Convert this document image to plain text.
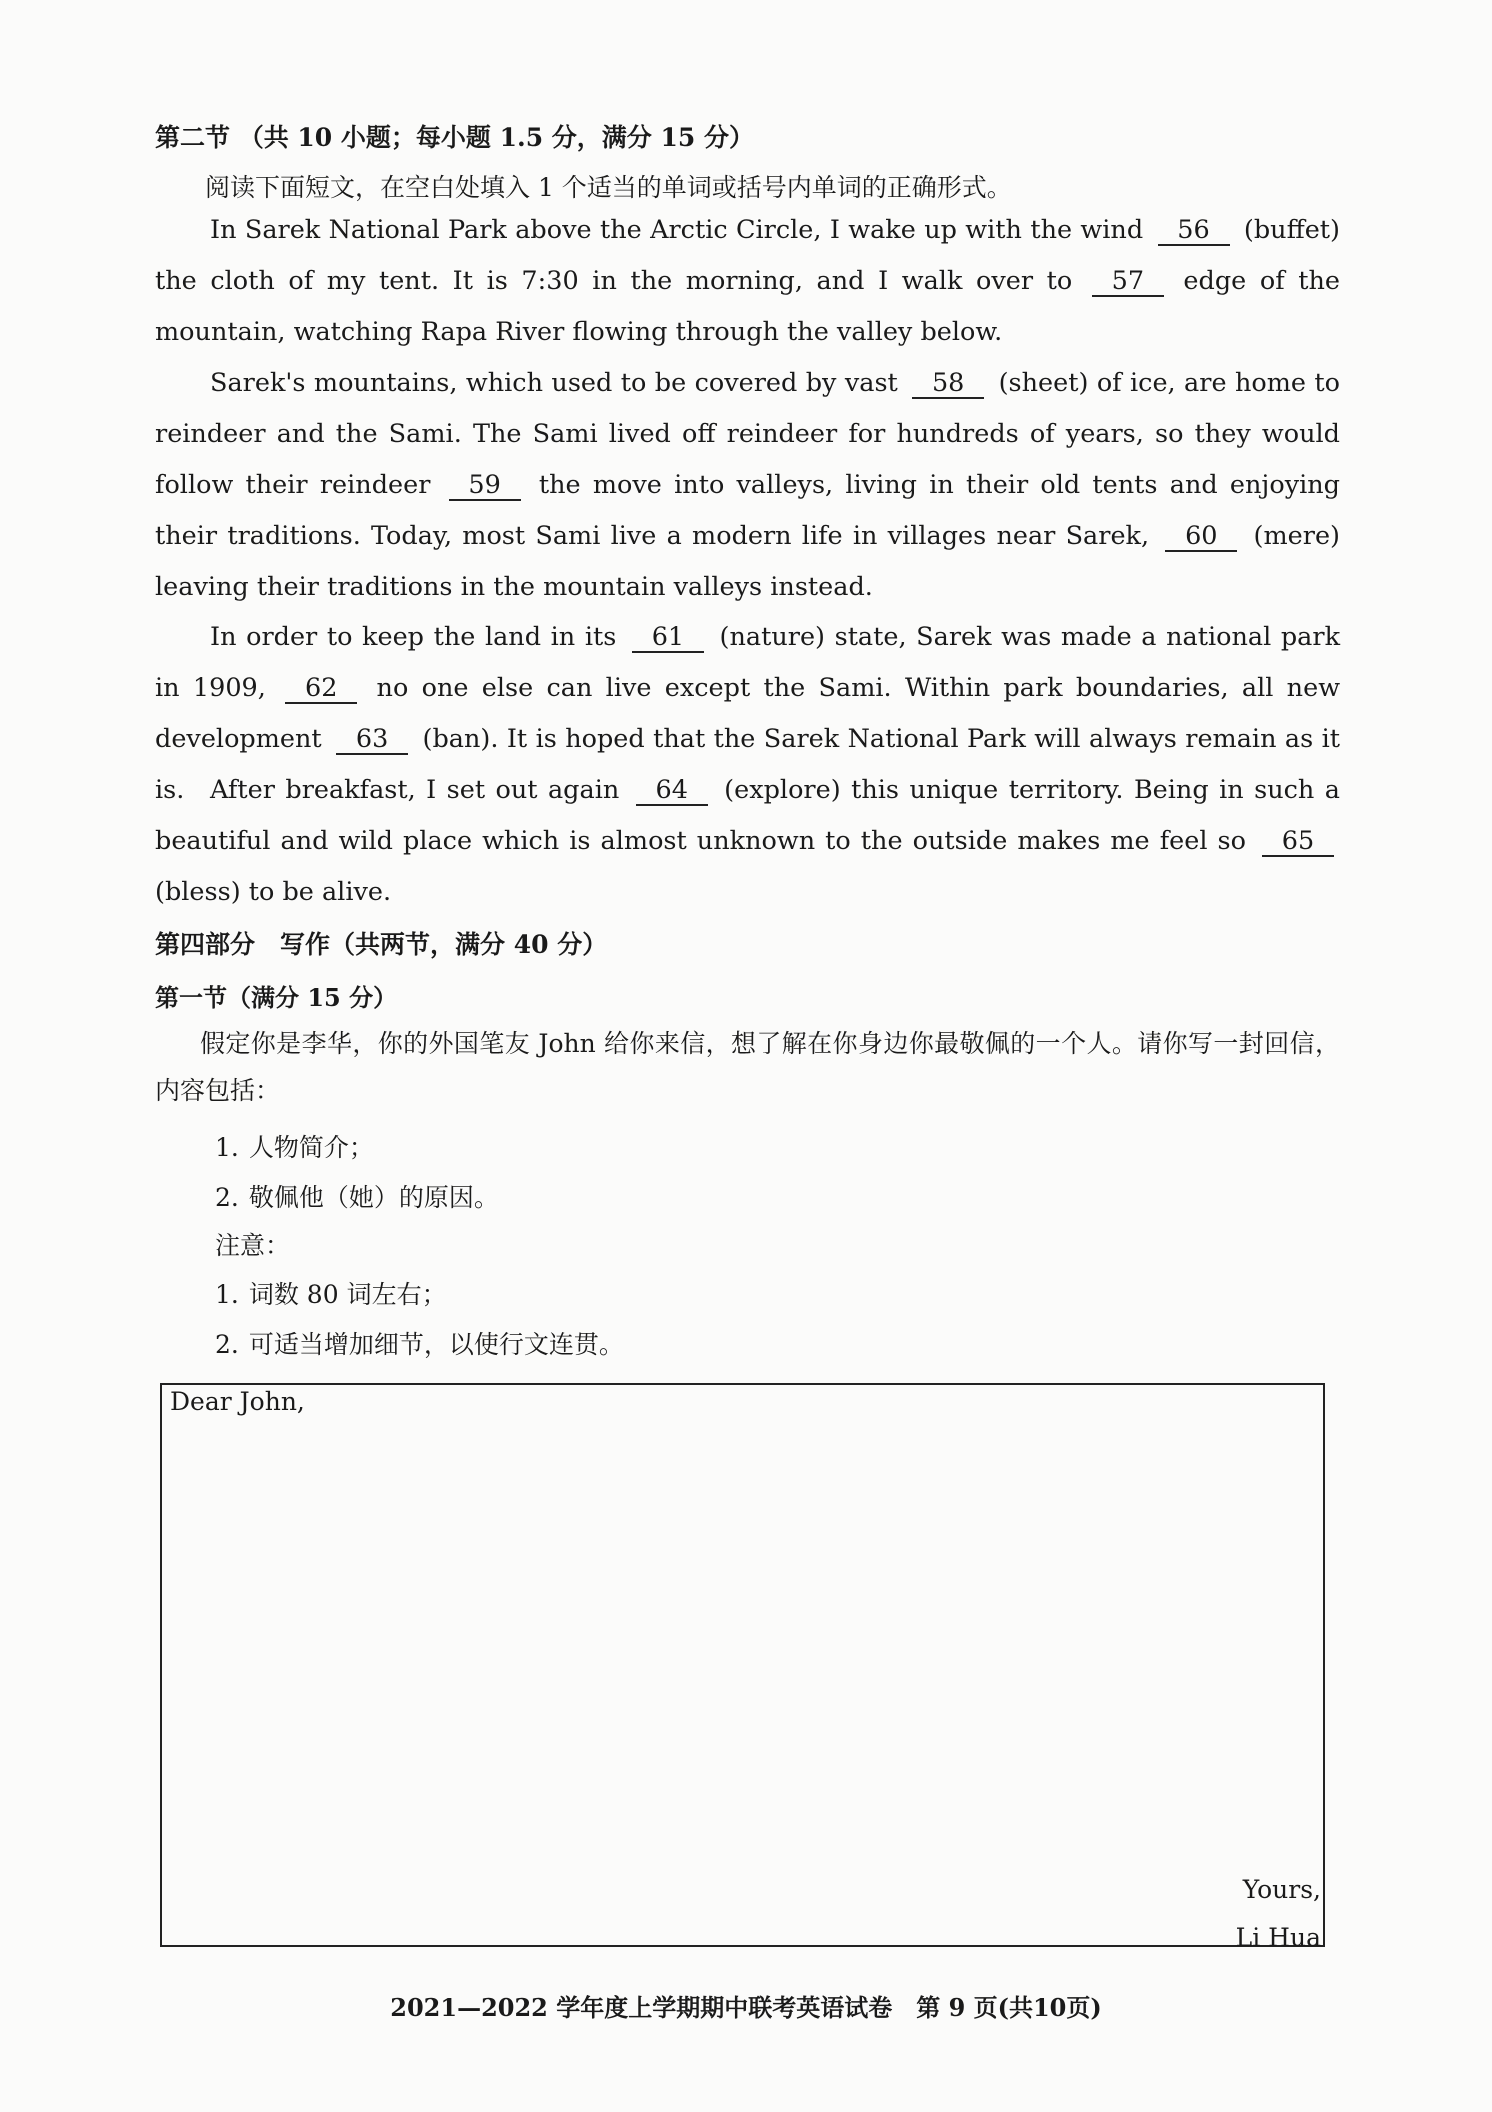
第二节 （共 10 小题；每小题 1.5 分，满分 15 分）
阅读下面短文，在空白处填入 1 个适当的单词或括号内单词的正确形式。
In Sarek National Park above the Arctic Circle, I wake up with the wind 56 (buffet) the cloth of my tent. It is 7:30 in the morning, and I walk over to 57 edge of the mountain, watching Rapa River flowing through the valley below.
Sarek's mountains, which used to be covered by vast 58 (sheet) of ice, are home to reindeer and the Sami. The Sami lived off reindeer for hundreds of years, so they would follow their reindeer 59 the move into valleys, living in their old tents and enjoying their traditions. Today, most Sami live a modern life in villages near Sarek, 60 (mere) leaving their traditions in the mountain valleys instead.
In order to keep the land in its 61 (nature) state, Sarek was made a national park in 1909, 62 no one else can live except the Sami. Within park boundaries, all new development 63 (ban). It is hoped that the Sarek National Park will always remain as it is.	After breakfast, I set out again 64 (explore) this unique territory. Being in such a beautiful and wild place which is almost unknown to the outside makes me feel so 65 (bless) to be alive.
第四部分　写作（共两节，满分 40 分）
第一节（满分 15 分）
假定你是李华，你的外国笔友 John 给你来信，想了解在你身边你最敬佩的一个人。请你写一封回信，内容包括：
1. 人物简介；
2. 敬佩他（她）的原因。
注意：
1. 词数 80 词左右；
2. 可适当增加细节，以使行文连贯。
Dear John,
Yours,
Li Hua
2021—2022 学年度上学期期中联考英语试卷　第 9 页(共10页)
